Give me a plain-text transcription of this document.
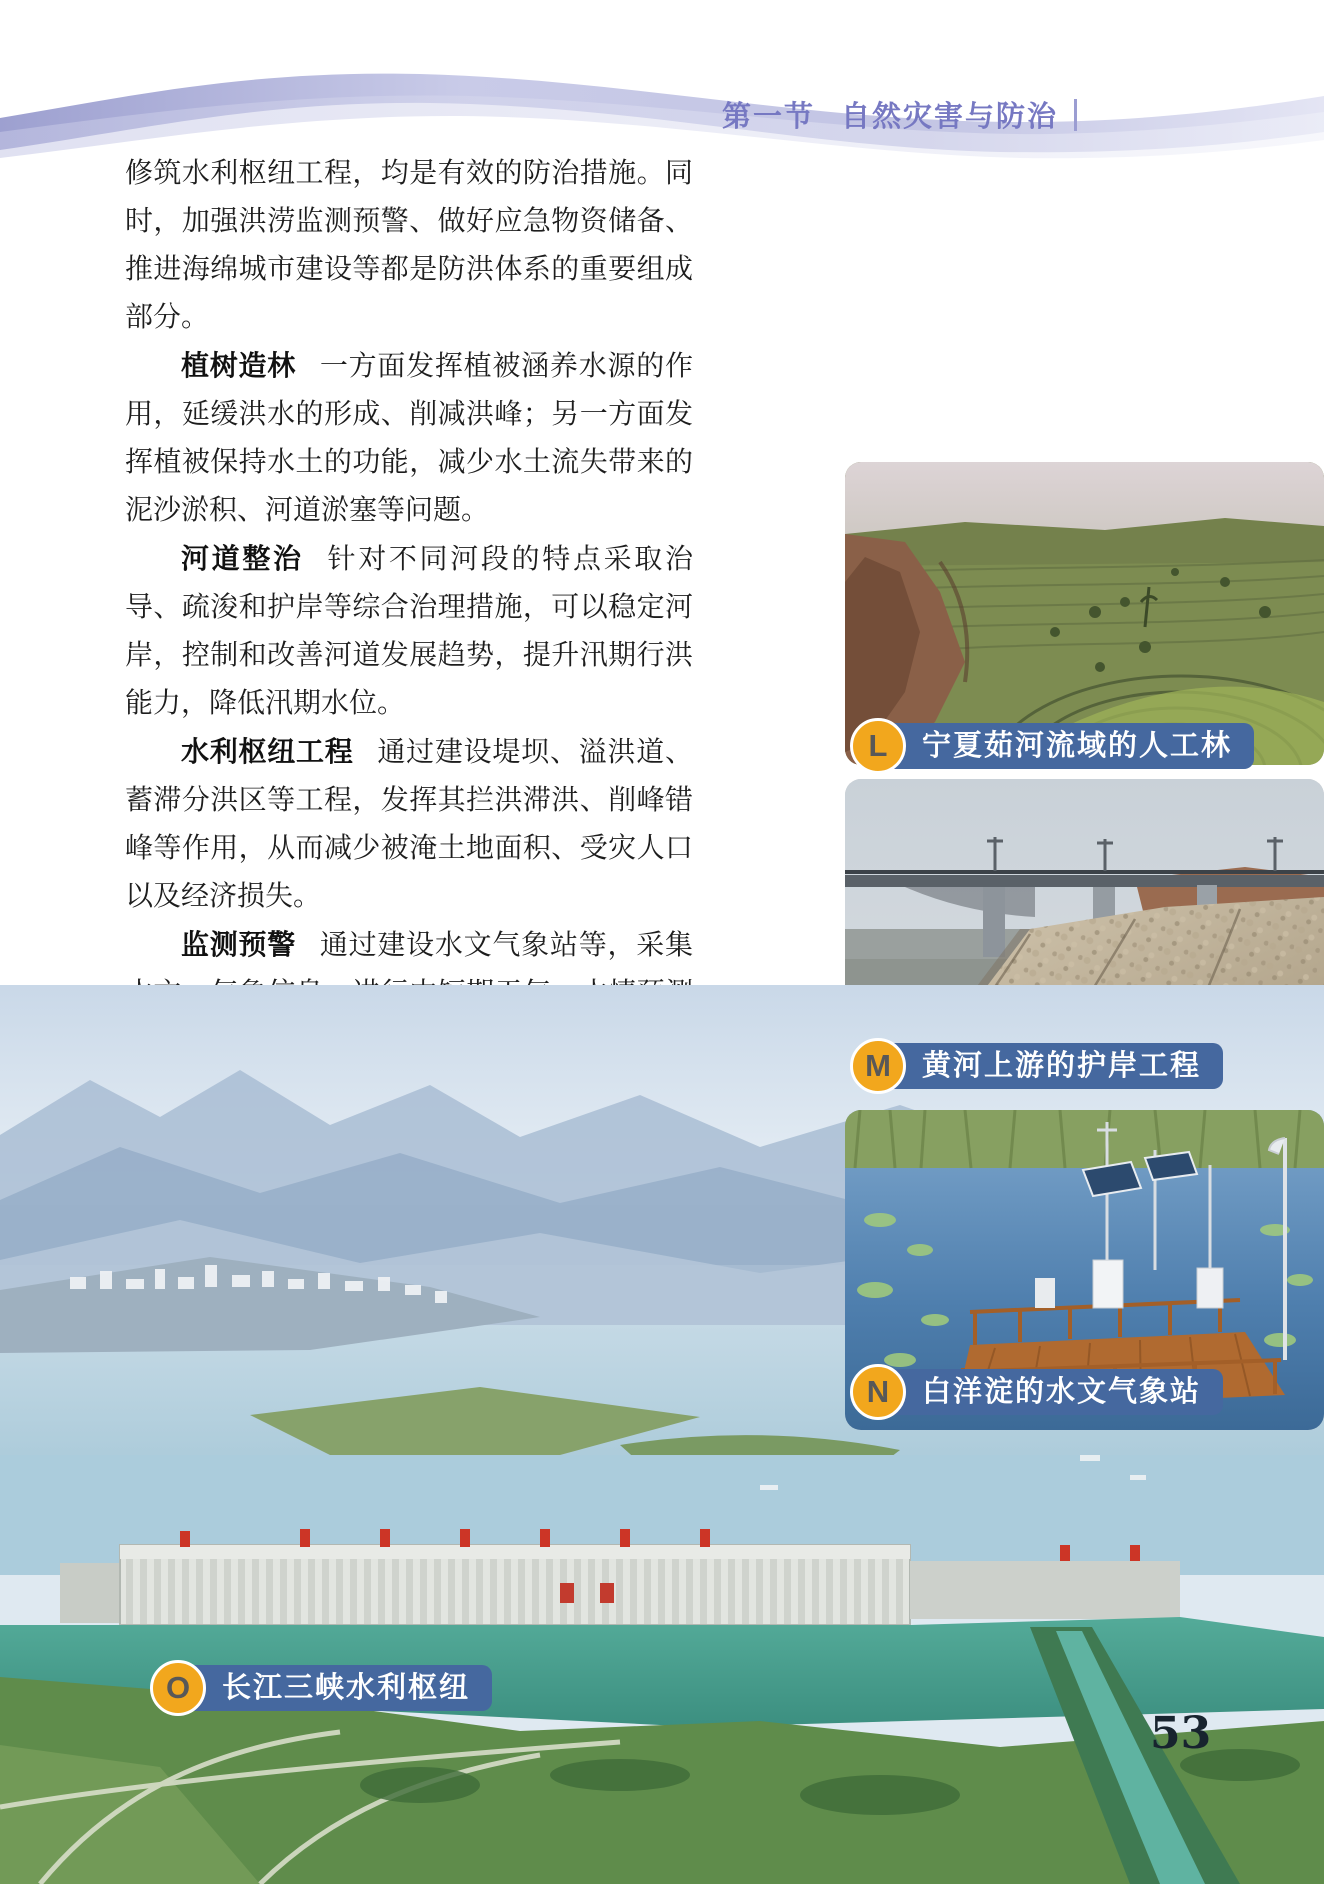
第一节 自然灾害与防治

修筑水利枢纽工程，均是有效的防治措施。同时，加强洪涝监测预警、做好应急物资储备、推进海绵城市建设等都是防洪体系的重要组成部分。

植树造林 一方面发挥植被涵养水源的作用，延缓洪水的形成、削减洪峰；另一方面发挥植被保持水土的功能，减少水土流失带来的泥沙淤积、河道淤塞等问题。

河道整治 针对不同河段的特点采取治导、疏浚和护岸等综合治理措施，可以稳定河岸，控制和改善河道发展趋势，提升汛期行洪能力，降低汛期水位。

水利枢纽工程 通过建设堤坝、溢洪道、蓄滞分洪区等工程，发挥其拦洪滞洪、削峰错峰等作用，从而减少被淹土地面积、受灾人口以及经济损失。

监测预警 通过建设水文气象站等，采集

L	宁夏茹河流域的人工林
M	黄河上游的护岸工程
N	白洋淀的水文气象站
O	长江三峡水利枢纽
53
